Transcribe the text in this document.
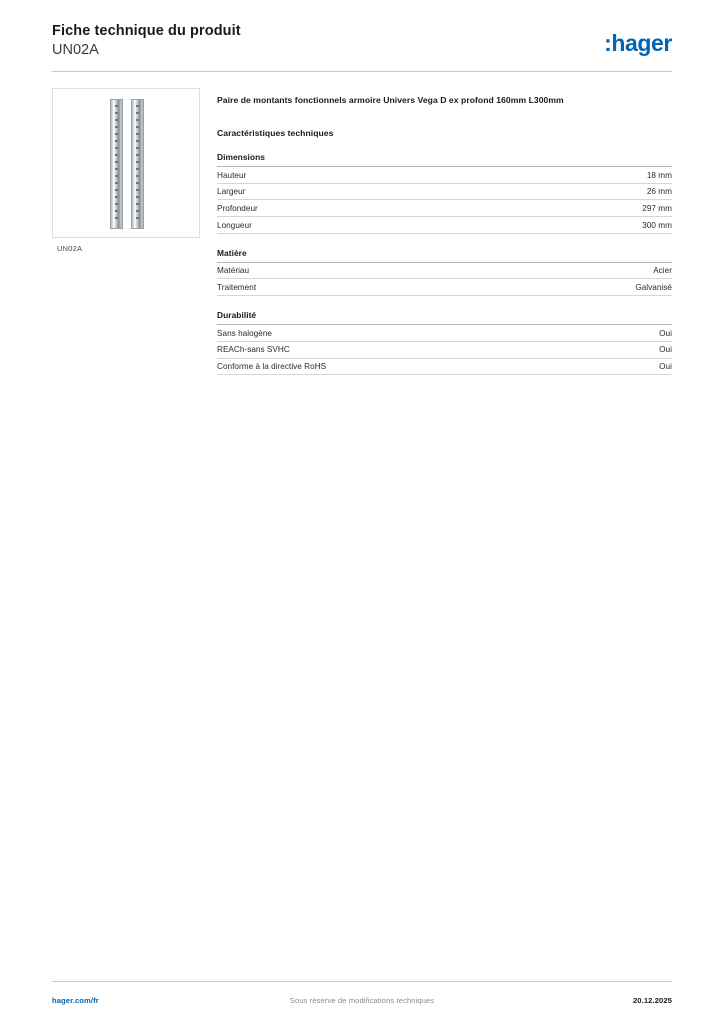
Fiche technique du produit
UN02A	:hager
UN02A
Paire de montants fonctionnels armoire Univers Vega D ex profond 160mm L300mm
Caractéristiques techniques
Dimensions
Hauteur	18 mm
Largeur	26 mm
Profondeur	297 mm
Longueur	300 mm
Matière
Matériau	Acier
Traitement	Galvanisé
Durabilité
Sans halogène	Oui
REACh-sans SVHC	Oui
Conforme à la directive RoHS	Oui
hager.com/fr	Sous réserve de modifications techniques	20.12.2025
